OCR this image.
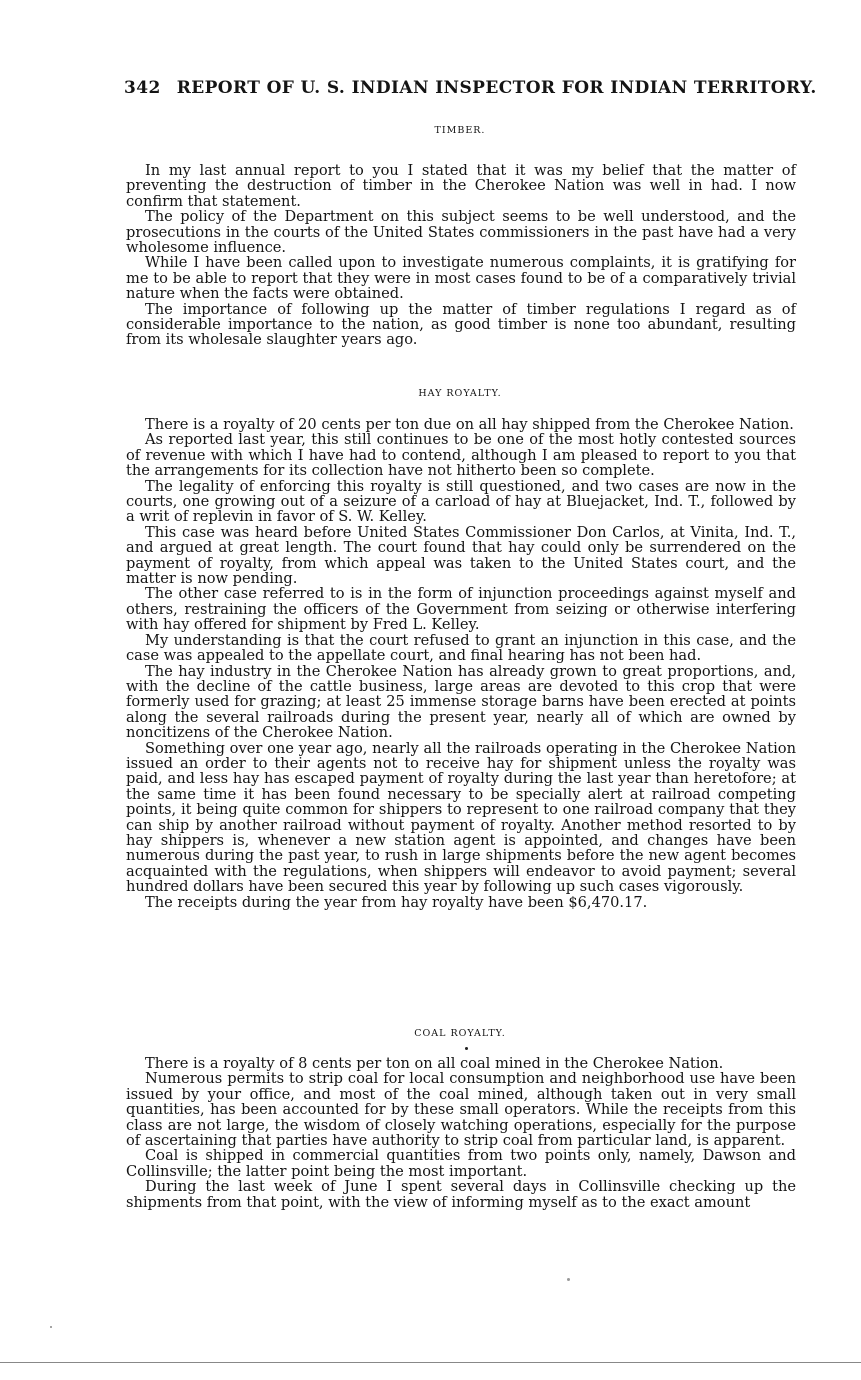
342 REPORT OF U. S. INDIAN INSPECTOR FOR INDIAN TERRITORY.
TIMBER.

In my last annual report to you I stated that it was my belief that the matter of preventing the destruction of timber in the Cherokee Nation was well in had. I now confirm that statement.

The policy of the Department on this subject seems to be well understood, and the prosecutions in the courts of the United States commissioners in the past have had a very wholesome influence.

While I have been called upon to investigate numerous complaints, it is gratifying for me to be able to report that they were in most cases found to be of a comparatively trivial nature when the facts were obtained.

The importance of following up the matter of timber regulations I regard as of considerable importance to the nation, as good timber is none too abundant, resulting from its wholesale slaughter years ago.

HAY ROYALTY.

There is a royalty of 20 cents per ton due on all hay shipped from the Cherokee Nation.

As reported last year, this still continues to be one of the most hotly contested sources of revenue with which I have had to contend, although I am pleased to report to you that the arrangements for its collection have not hitherto been so complete.

The legality of enforcing this royalty is still questioned, and two cases are now in the courts, one growing out of a seizure of a carload of hay at Bluejacket, Ind. T., followed by a writ of replevin in favor of S. W. Kelley.

This case was heard before United States Commissioner Don Carlos, at Vinita, Ind. T., and argued at great length. The court found that hay could only be surrendered on the payment of royalty, from which appeal was taken to the United States court, and the matter is now pending.

The other case referred to is in the form of injunction proceedings against myself and others, restraining the officers of the Government from seizing or otherwise interfering with hay offered for shipment by Fred L. Kelley.

My understanding is that the court refused to grant an injunction in this case, and the case was appealed to the appellate court, and final hearing has not been had.

The hay industry in the Cherokee Nation has already grown to great proportions, and, with the decline of the cattle business, large areas are devoted to this crop that were formerly used for grazing; at least 25 immense storage barns have been erected at points along the several railroads during the present year, nearly all of which are owned by noncitizens of the Cherokee Nation.

Something over one year ago, nearly all the railroads operating in the Cherokee Nation issued an order to their agents not to receive hay for shipment unless the royalty was paid, and less hay has escaped payment of royalty during the last year than heretofore; at the same time it has been found necessary to be specially alert at railroad competing points, it being quite common for shippers to represent to one railroad company that they can ship by another railroad without payment of royalty. Another method resorted to by hay shippers is, whenever a new station agent is appointed, and changes have been numerous during the past year, to rush in large shipments before the new agent becomes acquainted with the regulations, when shippers will endeavor to avoid payment; several hundred dollars have been secured this year by following up such cases vigorously.

The receipts during the year from hay royalty have been $6,470.17.

COAL ROYALTY.

There is a royalty of 8 cents per ton on all coal mined in the Cherokee Nation.

Numerous permits to strip coal for local consumption and neighborhood use have been issued by your office, and most of the coal mined, although taken out in very small quantities, has been accounted for by these small operators. While the receipts from this class are not large, the wisdom of closely watching operations, especially for the purpose of ascertaining that parties have authority to strip coal from particular land, is apparent.

Coal is shipped in commercial quantities from two points only, namely, Dawson and Collinsville; the latter point being the most important.

During the last week of June I spent several days in Collinsville checking up the shipments from that point, with the view of informing myself as to the exact amount
